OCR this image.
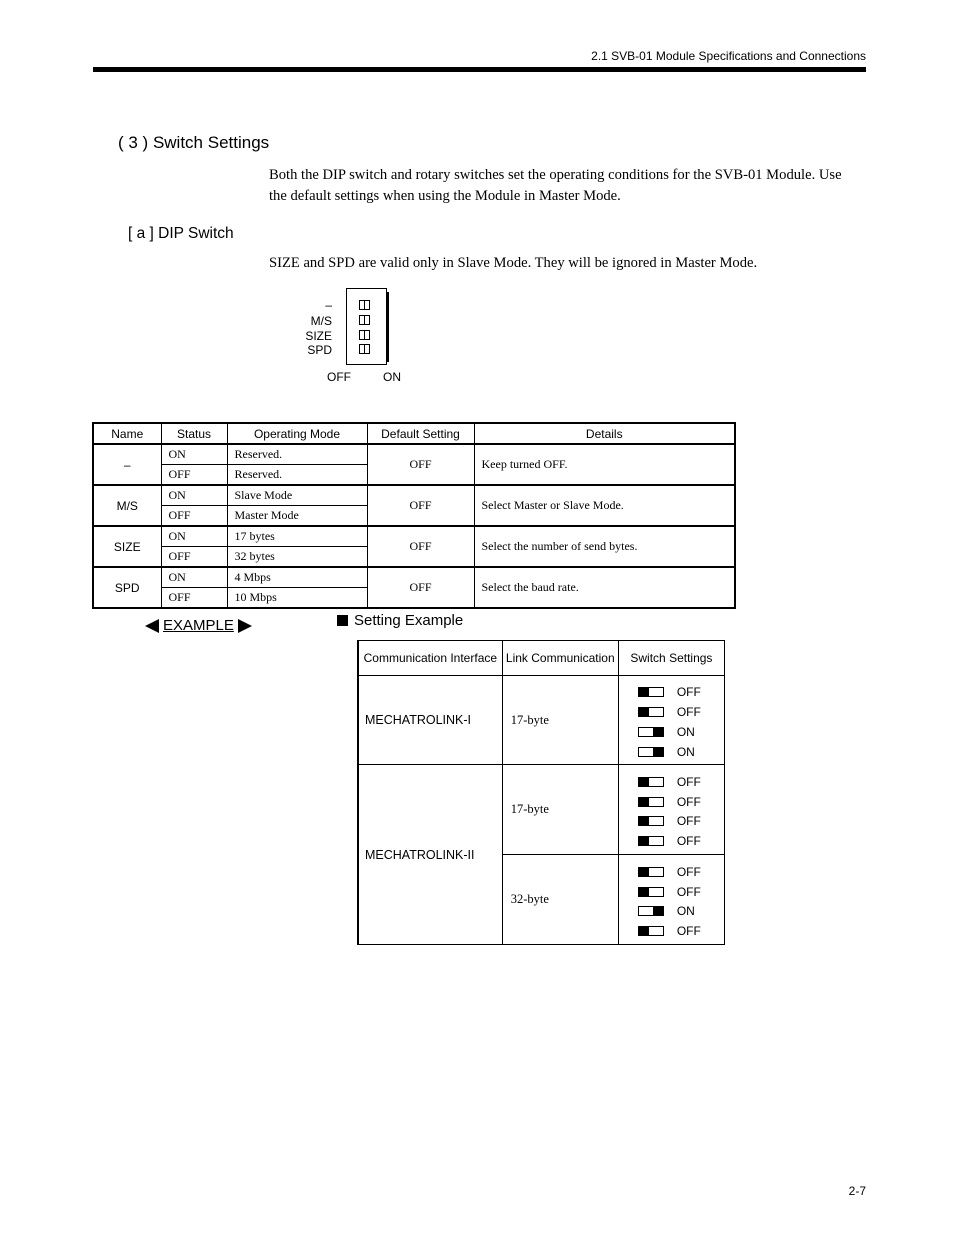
2.1 SVB-01 Module Specifications and Connections
( 3 ) Switch Settings
Both the DIP switch and rotary switches set the operating conditions for the SVB-01 Module. Use the default settings when using the Module in Master Mode.
[ a ] DIP Switch
SIZE and SPD are valid only in Slave Mode. They will be ignored in Master Mode.
–
M/S
SIZE
SPD
OFF	ON
Name	Status	Operating Mode	Default Setting	Details
–	ON	Reserved.	OFF	Keep turned OFF.
	OFF	Reserved.		
M/S	ON	Slave Mode	OFF	Select Master or Slave Mode.
	OFF	Master Mode		
SIZE	ON	17 bytes	OFF	Select the number of send bytes.
	OFF	32 bytes		
SPD	ON	4 Mbps	OFF	Select the baud rate.
	OFF	10 Mbps		
EXAMPLE	Setting Example
Communication Interface	Link Communication	Switch Settings
MECHATROLINK-I	17-byte	OFF
OFF
ON
ON

MECHATROLINK-II	17-byte	OFF
OFF
OFF
OFF

	32-byte	OFF
OFF
ON
OFF
2-7
